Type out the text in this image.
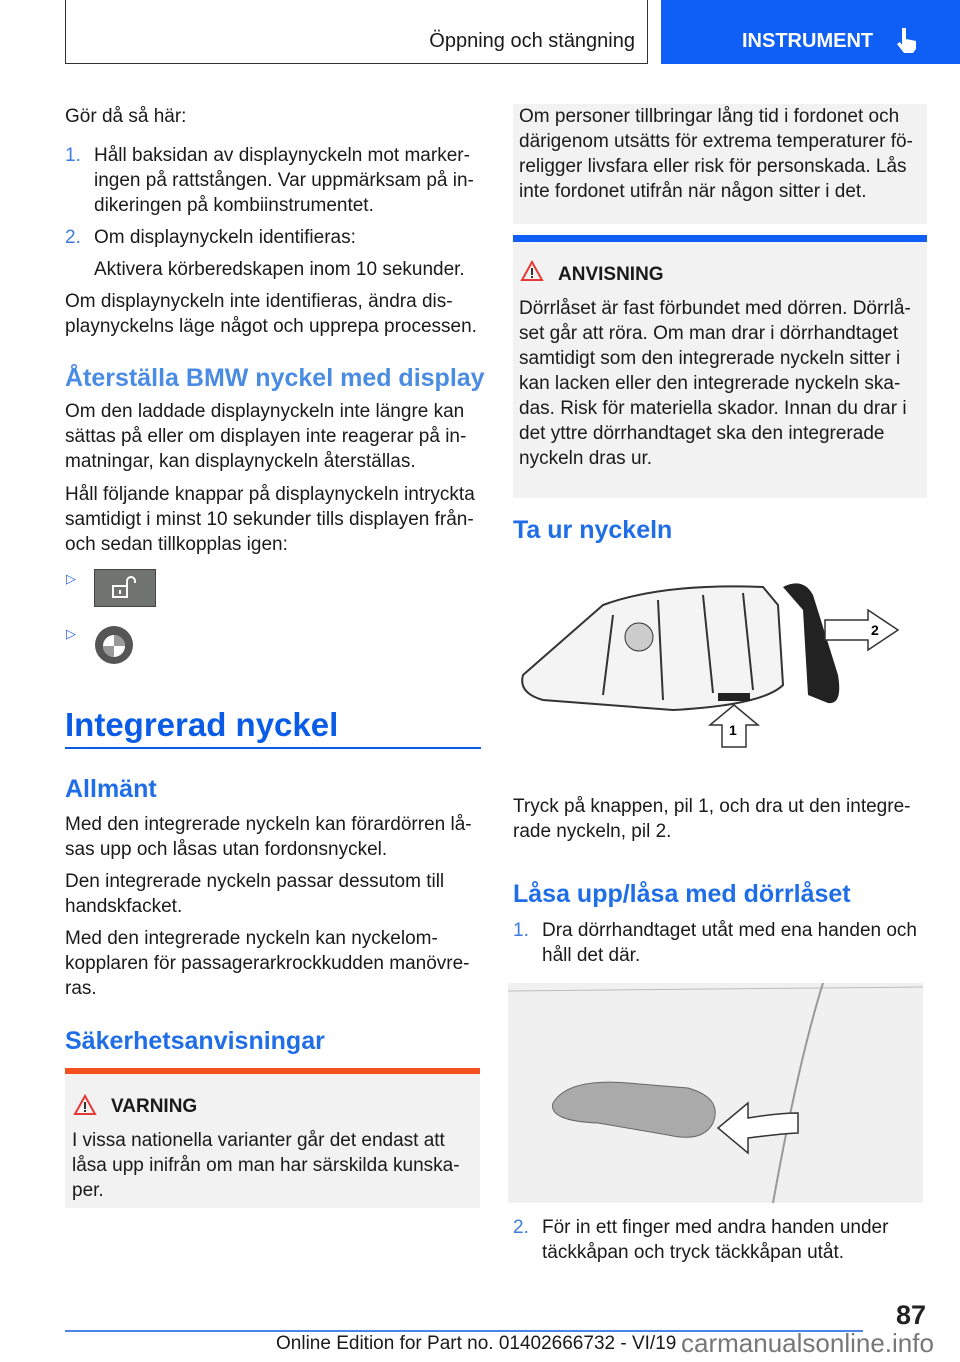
Öppning och stängning	INSTRUMENT
Gör då så här:
1. Håll baksidan av displaynyckeln mot marker-
ingen på rattstången. Var uppmärksam på in-
dikeringen på kombiinstrumentet.
2. Om displaynyckeln identifieras:
Aktivera körberedskapen inom 10 sekunder.
Om displaynyckeln inte identifieras, ändra dis-
playnyckelns läge något och upprepa processen.
Återställa BMW nyckel med display
Om den laddade displaynyckeln inte längre kan
sättas på eller om displayen inte reagerar på in-
matningar, kan displaynyckeln återställas.
Håll följande knappar på displaynyckeln intryckta
samtidigt i minst 10 sekunder tills displayen från-
och sedan tillkopplas igen:
▷
▷
Integrerad nyckel
Allmänt
Med den integrerade nyckeln kan förardörren lå-
sas upp och låsas utan fordonsnyckel.
Den integrerade nyckeln passar dessutom till
handskfacket.
Med den integrerade nyckeln kan nyckelom-
kopplaren för passagerarkrockkudden manövre-
ras.
Säkerhetsanvisningar
VARNING
I vissa nationella varianter går det endast att
låsa upp inifrån om man har särskilda kunska-
per.
Om personer tillbringar lång tid i fordonet och
därigenom utsätts för extrema temperaturer fö-
religger livsfara eller risk för personskada. Lås
inte fordonet utifrån när någon sitter i det.
ANVISNING
Dörrlåset är fast förbundet med dörren. Dörrlå-
set går att röra. Om man drar i dörrhandtaget
samtidigt som den integrerade nyckeln sitter i
kan lacken eller den integrerade nyckeln ska-
das. Risk för materiella skador. Innan du drar i
det yttre dörrhandtaget ska den integrerade
nyckeln dras ur.
Ta ur nyckeln
2
1
Tryck på knappen, pil 1, och dra ut den integre-
rade nyckeln, pil 2.
Låsa upp/låsa med dörrlåset
1. Dra dörrhandtaget utåt med ena handen och
håll det där.
2. För in ett finger med andra handen under
täckkåpan och tryck täckkåpan utåt.
87
Online Edition for Part no. 01402666732 - VI/19 carmanualsonline.info
